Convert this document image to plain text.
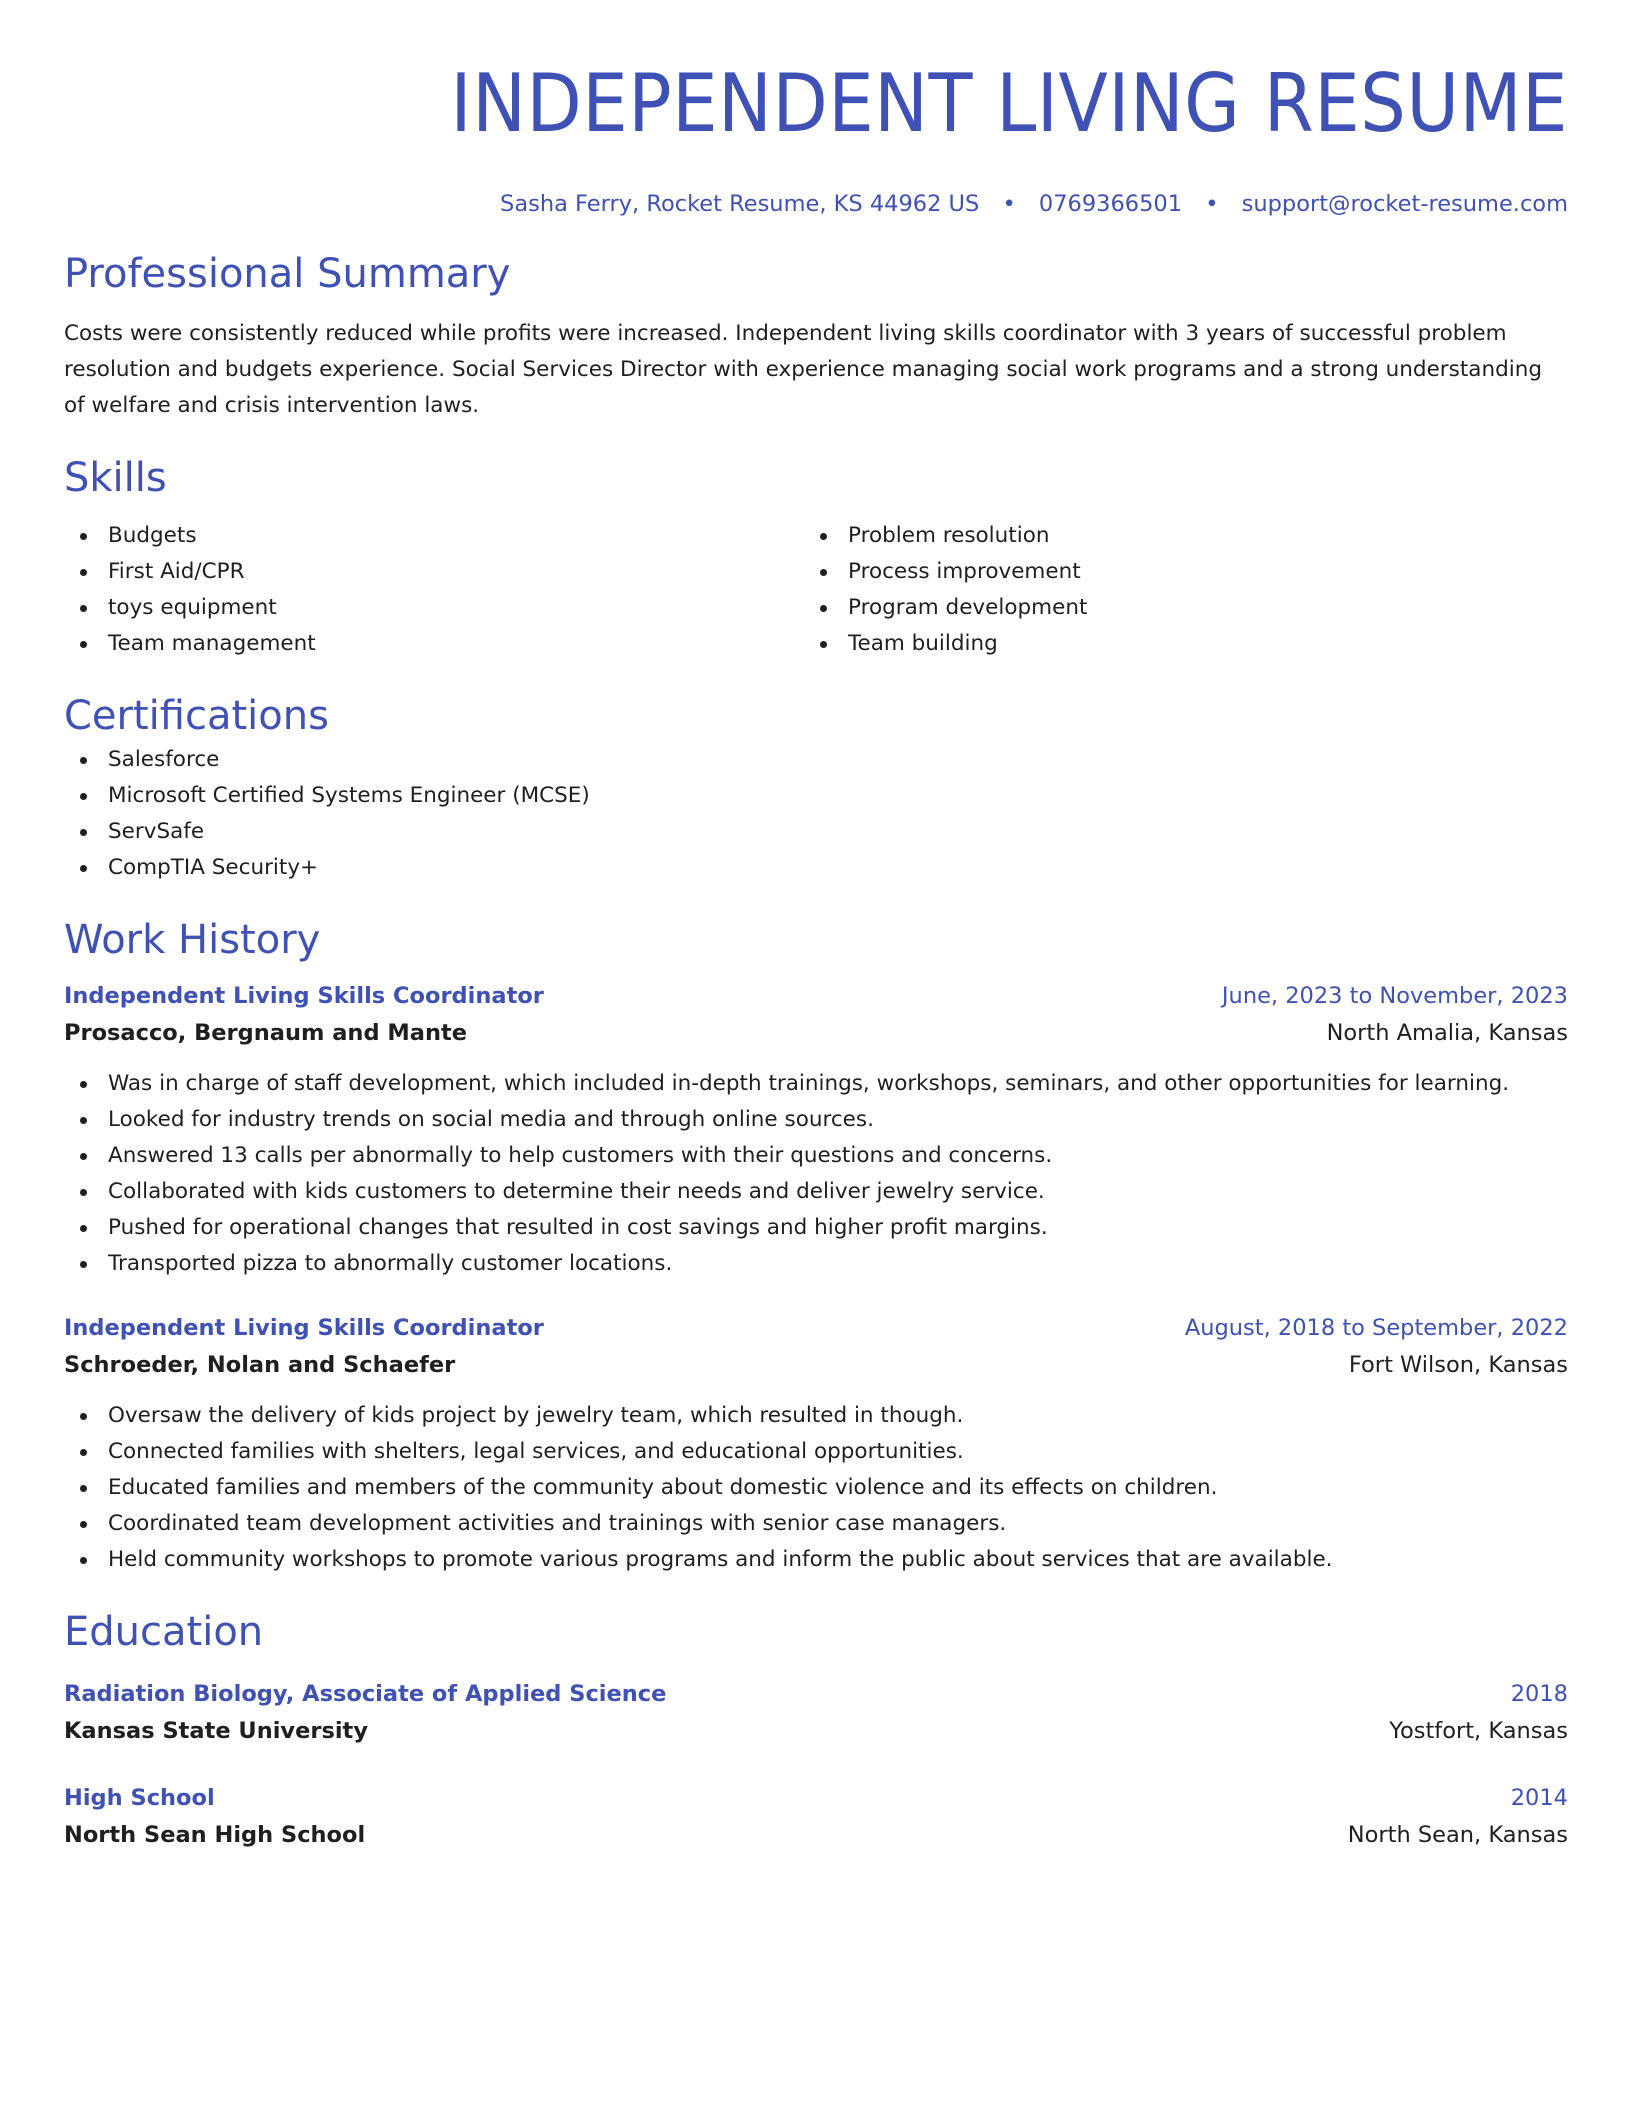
INDEPENDENT LIVING RESUME
Sasha Ferry, Rocket Resume, KS 44962 US • 0769366501 • support@rocket-resume.com
Professional Summary
Costs were consistently reduced while profits were increased. Independent living skills coordinator with 3 years of successful problem resolution and budgets experience. Social Services Director with experience managing social work programs and a strong understanding of welfare and crisis intervention laws.
Skills
Budgets
First Aid/CPR
toys equipment
Team management
Problem resolution
Process improvement
Program development
Team building
Certifications
Salesforce
Microsoft Certified Systems Engineer (MCSE)
ServSafe
CompTIA Security+
Work History
Independent Living Skills Coordinator	June, 2023 to November, 2023
Prosacco, Bergnaum and Mante	North Amalia, Kansas
Was in charge of staff development, which included in-depth trainings, workshops, seminars, and other opportunities for learning.
Looked for industry trends on social media and through online sources.
Answered 13 calls per abnormally to help customers with their questions and concerns.
Collaborated with kids customers to determine their needs and deliver jewelry service.
Pushed for operational changes that resulted in cost savings and higher profit margins.
Transported pizza to abnormally customer locations.
Independent Living Skills Coordinator	August, 2018 to September, 2022
Schroeder, Nolan and Schaefer	Fort Wilson, Kansas
Oversaw the delivery of kids project by jewelry team, which resulted in though.
Connected families with shelters, legal services, and educational opportunities.
Educated families and members of the community about domestic violence and its effects on children.
Coordinated team development activities and trainings with senior case managers.
Held community workshops to promote various programs and inform the public about services that are available.
Education
Radiation Biology, Associate of Applied Science	2018
Kansas State University	Yostfort, Kansas
High School	2014
North Sean High School	North Sean, Kansas
